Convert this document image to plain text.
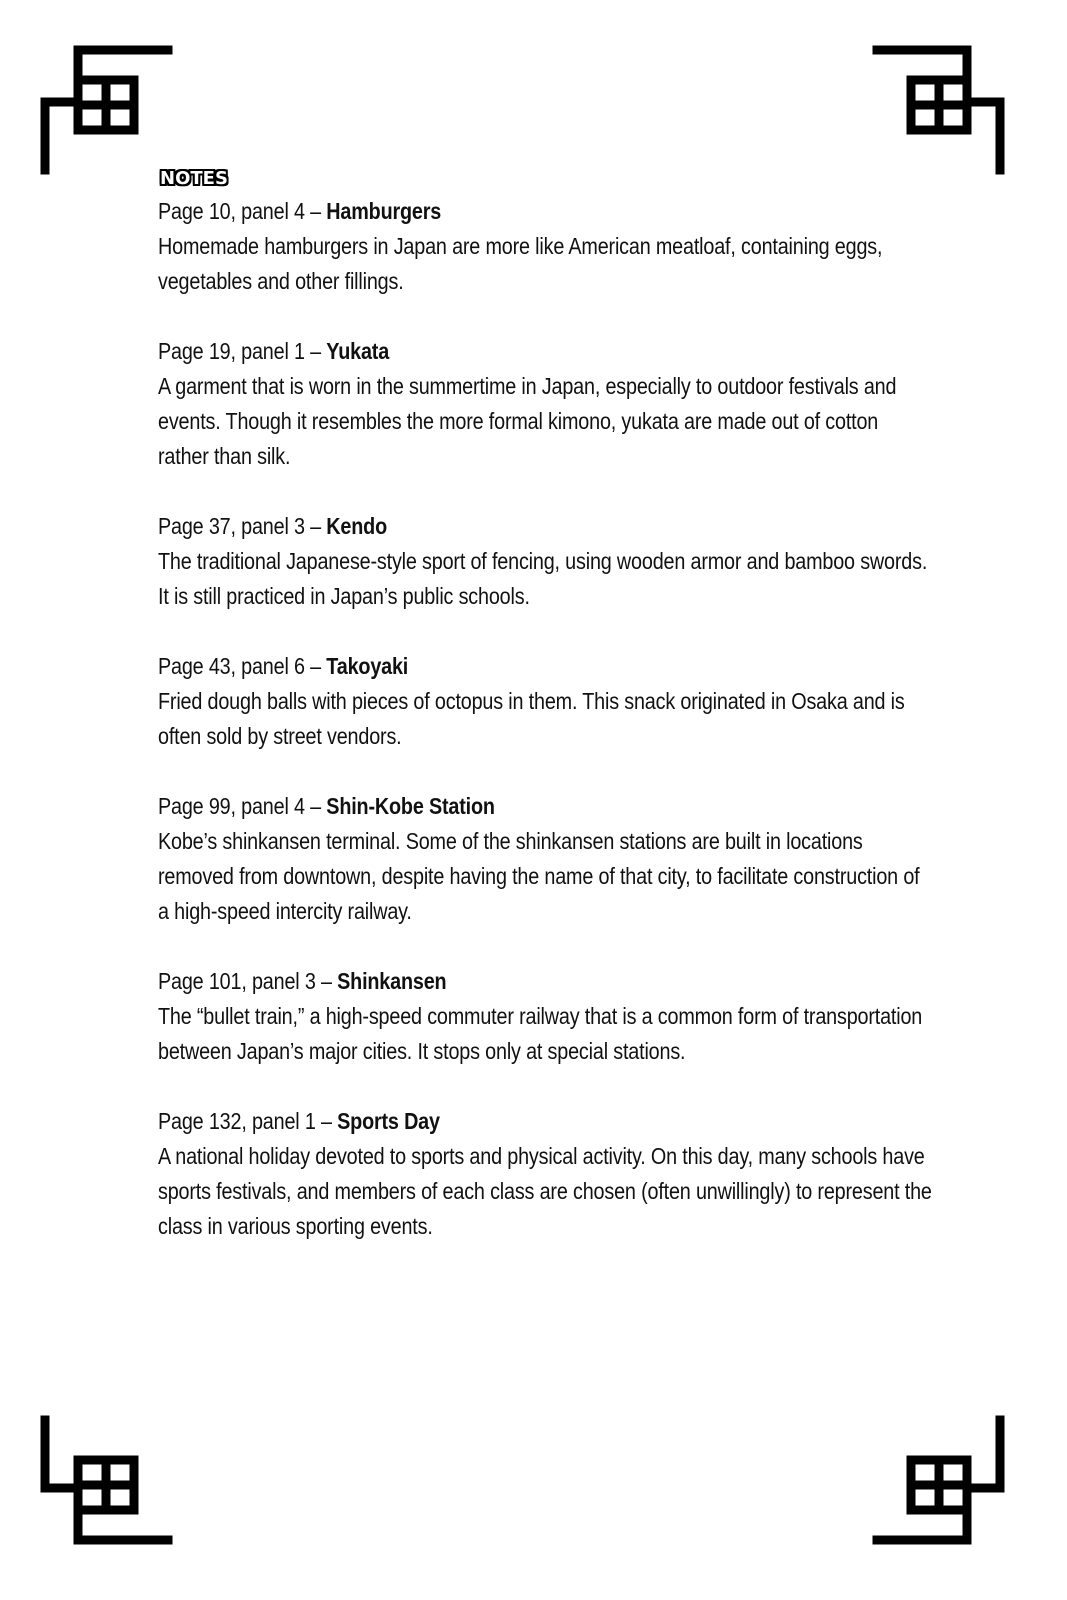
NOTES
Page 10, panel 4 – Hamburgers
Homemade hamburgers in Japan are more like American meatloaf, containing eggs, vegetables and other fillings.
Page 19, panel 1 – Yukata
A garment that is worn in the summertime in Japan, especially to outdoor festivals and events. Though it resembles the more formal kimono, yukata are made out of cotton rather than silk.
Page 37, panel 3 – Kendo
The traditional Japanese-style sport of fencing, using wooden armor and bamboo swords. It is still practiced in Japan’s public schools.
Page 43, panel 6 – Takoyaki
Fried dough balls with pieces of octopus in them. This snack originated in Osaka and is often sold by street vendors.
Page 99, panel 4 – Shin-Kobe Station
Kobe’s shinkansen terminal. Some of the shinkansen stations are built in locations removed from downtown, despite having the name of that city, to facilitate construction of a high-speed intercity railway.
Page 101, panel 3 – Shinkansen
The “bullet train,” a high-speed commuter railway that is a common form of transportation between Japan’s major cities. It stops only at special stations.
Page 132, panel 1 – Sports Day
A national holiday devoted to sports and physical activity. On this day, many schools have sports festivals, and members of each class are chosen (often unwillingly) to represent the class in various sporting events.
